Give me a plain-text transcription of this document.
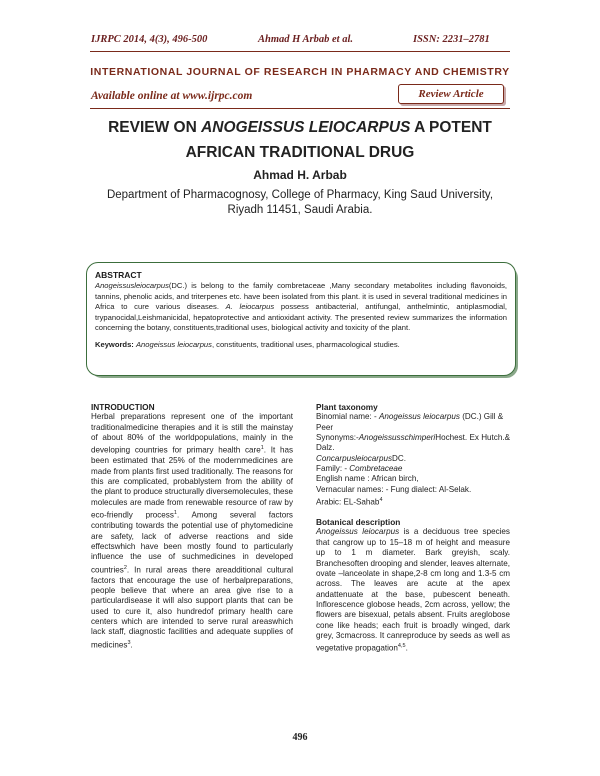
IJRPC 2014, 4(3), 496-500	Ahmad H Arbab et al.	ISSN: 2231–2781
INTERNATIONAL JOURNAL OF RESEARCH IN PHARMACY AND CHEMISTRY
Available online at www.ijrpc.com	Review Article
REVIEW ON ANOGEISSUS LEIOCARPUS A POTENT
AFRICAN TRADITIONAL DRUG
Ahmad H. Arbab
Department of Pharmacognosy, College of Pharmacy, King Saud University,
Riyadh 11451, Saudi Arabia.
ABSTRACT
Anogeissusleiocarpus(DC.) is belong to the family combretaceae ,Many secondary metabolites including flavonoids, tannins, phenolic acids, and triterpenes etc. have been isolated from this plant. it is used in several traditional medicines in Africa to cure various diseases. A. leiocarpus possess antibacterial, antifungal, anthelmintic, antiplasmodial, trypanocidal,Leishmanicidal, hepatoprotective and antioxidant activity. The presented review summarizes the information concerning the botany, constituents,traditional uses, biological activity and toxicity of the plant.
Keywords: Anogeissus leiocarpus, constituents, traditional uses, pharmacological studies.
INTRODUCTION

Herbal preparations represent one of the important traditionalmedicine therapies and it is still the mainstay of about 80% of the worldpopulations, mainly in the developing countries for primary health care$^1$. It has been estimated that 25% of the modernmedicines are made from plants first used traditionally. The reasons for this are complicated, probablystem from the ability of the plant to produce structurally diversemolecules, these molecules are made from renewable resource of raw by eco-friendly process$^1$. Among several factors contributing towards the potential use of phytomedicine are safety, lack of adverse reactions and side effectswhich have been mostly found to particularly influence the use of suchmedicines in developed countries$^2$. In rural areas there areadditional cultural factors that encourage the use of herbalpreparations, people believe that where an area give rise to a particulardisease it will also support plants that can be used to cure it, also hundredof primary health care centers which are intended to serve rural areaswhich lack staff, diagnostic facilities and adequate supplies of medicines$^3$.

Plant taxonomy
Binomial name: - Anogeissus leiocarpus (DC.) Gill & Peer
Synonyms:-AnogeissusschimperiHochest. Ex Hutch.& Dalz.
ConcarpusleiocarpusDC.
Family: - Combretaceae
English name : African birch,
Vernacular names: - Fung dialect: Al-Selak.
Arabic: EL-Sahab$^4$
Botanical description

Anogeissus leiocarpus is a deciduous tree species that cangrow up to 15–18 m of height and measure up to 1 m diameter. Bark greyish, scaly. Branchesoften drooping and slender, leaves alternate, ovate –lanceolate in shape,2-8 cm long and 1.3-5 cm across. The leaves are acute at the apex andattenuate at the base, pubescent beneath. Inflorescence globose heads, 2cm across, yellow; the flowers are bisexual, petals absent. Fruits areglobose cone like heads; each fruit is broadly winged, dark grey, 3cmacross. It canreproduce by seeds as well as vegetative propagation$^{4,5}$.

496
